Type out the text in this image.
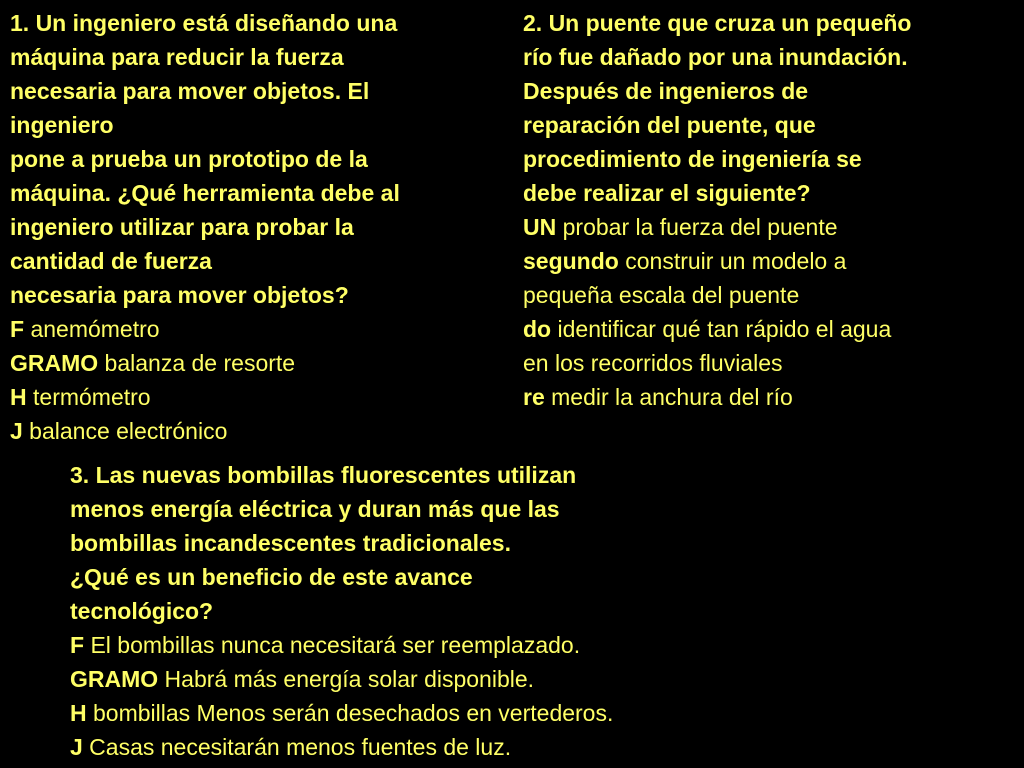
1. Un ingeniero está diseñando una
máquina para reducir la fuerza
necesaria para mover objetos. El
ingeniero
pone a prueba un prototipo de la
máquina. ¿Qué herramienta debe al
ingeniero utilizar para probar la
cantidad de fuerza
necesaria para mover objetos?
F anemómetro
GRAMO balanza de resorte
H termómetro
J balance electrónico
2. Un puente que cruza un pequeño
río fue dañado por una inundación.
Después de ingenieros de
reparación del puente, que
procedimiento de ingeniería se
debe realizar el siguiente?
UN probar la fuerza del puente
segundo construir un modelo a
pequeña escala del puente
do identificar qué tan rápido el agua
en los recorridos fluviales
re medir la anchura del río
3. Las nuevas bombillas fluorescentes utilizan
menos energía eléctrica y duran más que las
bombillas incandescentes tradicionales.
¿Qué es un beneficio de este avance
tecnológico?
F El bombillas nunca necesitará ser reemplazado.
GRAMO Habrá más energía solar disponible.
H bombillas Menos serán desechados en vertederos.
J Casas necesitarán menos fuentes de luz.
